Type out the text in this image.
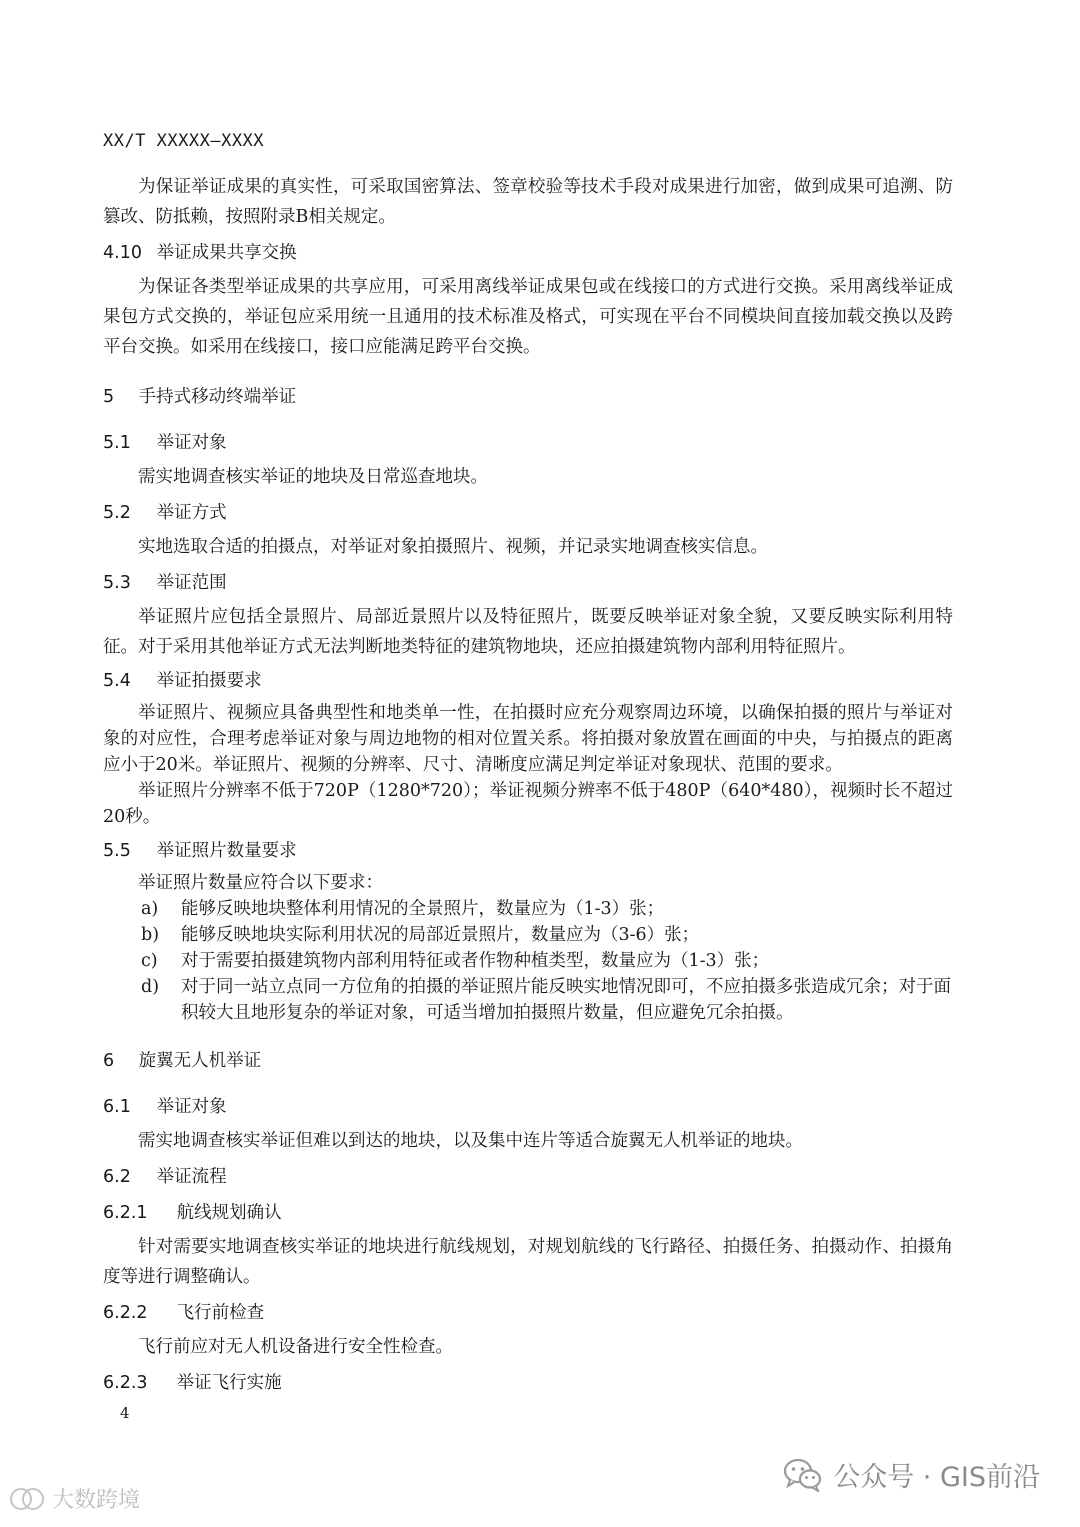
XX/T XXXXX—XXXX

为保证举证成果的真实性，可采取国密算法、签章校验等技术手段对成果进行加密，做到成果可追溯、防篡改、防抵赖，按照附录B相关规定。

4.10 举证成果共享交换

为保证各类型举证成果的共享应用，可采用离线举证成果包或在线接口的方式进行交换。采用离线举证成果包方式交换的，举证包应采用统一且通用的技术标准及格式，可实现在平台不同模块间直接加载交换以及跨平台交换。如采用在线接口，接口应能满足跨平台交换。

5 手持式移动终端举证
5.1 举证对象

需实地调查核实举证的地块及日常巡查地块。

5.2 举证方式

实地选取合适的拍摄点，对举证对象拍摄照片、视频，并记录实地调查核实信息。

5.3 举证范围

举证照片应包括全景照片、局部近景照片以及特征照片，既要反映举证对象全貌，又要反映实际利用特征。对于采用其他举证方式无法判断地类特征的建筑物地块，还应拍摄建筑物内部利用特征照片。

5.4 举证拍摄要求

举证照片、视频应具备典型性和地类单一性，在拍摄时应充分观察周边环境，以确保拍摄的照片与举证对象的对应性，合理考虑举证对象与周边地物的相对位置关系。将拍摄对象放置在画面的中央，与拍摄点的距离应小于20米。举证照片、视频的分辨率、尺寸、清晰度应满足判定举证对象现状、范围的要求。

举证照片分辨率不低于720P（1280*720）；举证视频分辨率不低于480P（640*480），视频时长不超过20秒。

5.5 举证照片数量要求

举证照片数量应符合以下要求：

a) 能够反映地块整体利用情况的全景照片，数量应为（1-3）张；
b) 能够反映地块实际利用状况的局部近景照片，数量应为（3-6）张；
c) 对于需要拍摄建筑物内部利用特征或者作物种植类型，数量应为（1-3）张；
d) 对于同一站立点同一方位角的拍摄的举证照片能反映实地情况即可，不应拍摄多张造成冗余；对于面积较大且地形复杂的举证对象，可适当增加拍摄照片数量，但应避免冗余拍摄。
6 旋翼无人机举证
6.1 举证对象

需实地调查核实举证但难以到达的地块，以及集中连片等适合旋翼无人机举证的地块。

6.2 举证流程
6.2.1 航线规划确认

针对需要实地调查核实举证的地块进行航线规划，对规划航线的飞行路径、拍摄任务、拍摄动作、拍摄角度等进行调整确认。

6.2.2 飞行前检查

飞行前应对无人机设备进行安全性检查。

6.2.3 举证飞行实施
4
公众号 · GIS前沿
大数跨境
